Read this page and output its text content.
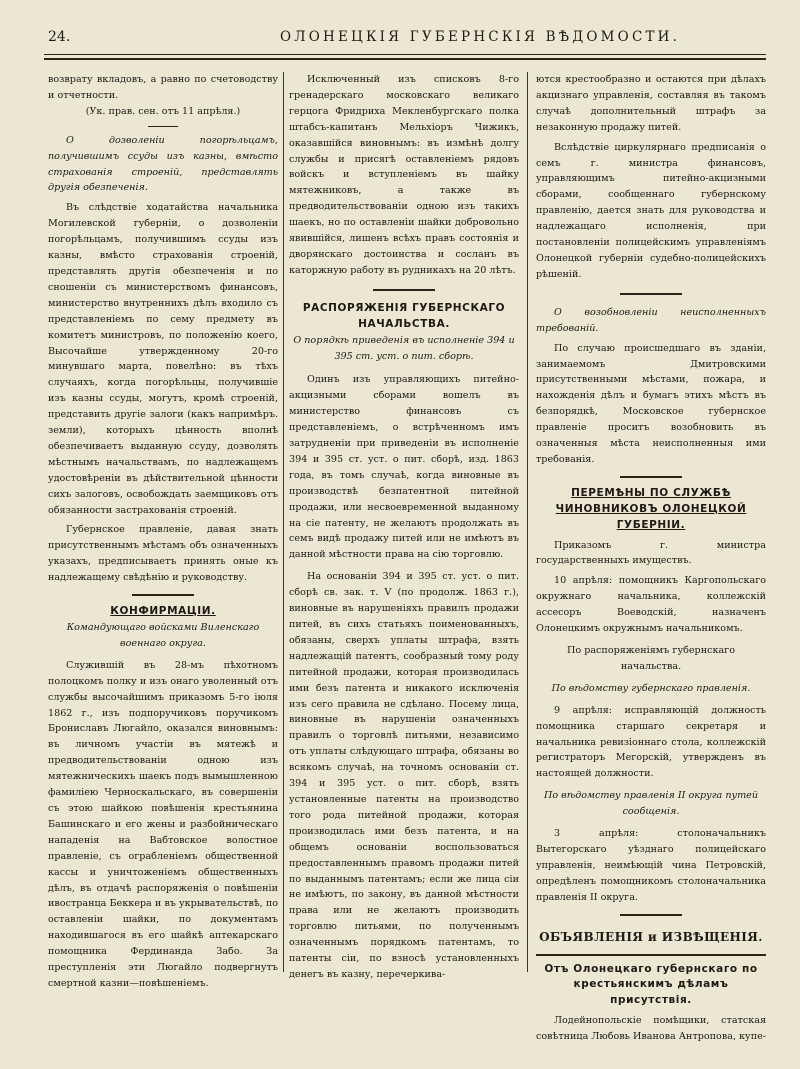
24.	ОЛОНЕЦКІЯ ГУБЕРНСКІЯ ВѢДОМОСТИ.

возврату вкладовъ, а равно по счетоводству и отчетности.

(Ук. прав. сен. отъ 11 апрѣля.)

О дозволеніи погорѣльцамъ, получившимъ ссуды изъ казны, вмѣсто страхованія строеній, представлять другія обезпеченія.

Въ слѣдствіе ходатайства начальника Могилевской губерніи, о дозволеніи погорѣльцамъ, получившимъ ссуды изъ казны, вмѣсто страхованія строеній, представлять другія обезпеченія и по сношеніи съ министерствомъ финансовъ, министерство внутреннихъ дѣлъ входило съ представленіемъ по сему предмету въ комитетъ министровъ, по положенію коего, Высочайше утвержденному 20-го минувшаго марта, повелѣно: въ тѣхъ случаяхъ, когда погорѣльцы, получившіе изъ казны ссуды, могутъ, кромѣ строеній, представить другіе залоги (какъ напримѣръ. земли), которыхъ цѣнность вполнѣ обезпечиваетъ выданную ссуду, дозволять мѣстнымъ начальствамъ, по надлежащемъ удостовѣреніи въ дѣйствительной цѣнности сихъ залоговъ, освобождать заемщиковъ отъ обязанности застрахованія строеній.

Губернское правленіе, давая знать присутственнымъ мѣстамъ объ означенныхъ указахъ, предписываетъ принять оные къ надлежащему свѣдѣнію и руководству.

КОНФИРМАЦІИ.

Командующаго войсками Виленскаго военнаго округа.

Служившій въ 28-мъ пѣхотномъ полоцкомъ полку и изъ онаго уволенный отъ службы высочайшимъ приказомъ 5-го іюля 1862 г., изъ подпоручиковъ поручикомъ Брониславъ Люгайло, оказался виновнымъ: въ личномъ участіи въ мятежѣ и предводительствованіи одною изъ мятежническихъ шаекъ подъ вымышленною фамиліею Черноскальскаго, въ совершеніи съ этою шайкою повѣшенія крестьянина Башинскаго и его жены и разбойническаго нападенія на Вабтовское волостное правленіе, съ ограбленіемъ общественной кассы и уничтоженіемъ общественныхъ дѣлъ, въ отдачѣ распоряженія о повѣшеніи ивостранца Беккера и въ укрывательствѣ, по оставленіи шайки, по документамъ находившагося въ его шайкѣ аптекарскаго помощника Фердинанда Забо. За преступленія эти Люгайло подвергнутъ смертной казни—повѣшеніемъ.

Исключенный изъ списковъ 8-го гренадерскаго московскаго великаго герцога Фридриха Мекленбургскаго полка штабсъ-капитанъ Мельхіоръ Чижикъ, оказавшійся виновнымъ: въ измѣнѣ долгу службы и присягѣ оставленіемъ рядовъ войскъ и вступленіемъ въ шайку мятежниковъ, а также въ предводительствованіи одною изъ такихъ шаекъ, но по оставленіи шайки добровольно явившійся, лишенъ всѣхъ правъ состоянія и дворянскаго достоинства и сосланъ въ каторжную работу въ рудникахъ на 20 лѣтъ.

РАСПОРЯЖЕНІЯ ГУБЕРНСКАГО НАЧАЛЬСТВА.

О порядкѣ приведенія въ исполненіе 394 и 395 ст. уст. о пит. сборѣ.

Одинъ изъ управляющихъ питейно-акцизными сборами вошелъ въ министерство финансовъ съ представленіемъ, о встрѣченномъ имъ затрудненіи при приведеніи въ исполненіе 394 и 395 ст. уст. о пит. сборѣ, изд. 1863 года, въ томъ случаѣ, когда виновные въ производствѣ безпатентной питейной продажи, или несвоевременной выданному на сіе патенту, не желаютъ продолжать въ семъ видѣ продажу питей или не имѣютъ въ данной мѣстности права на сію торговлю.

На основаніи 394 и 395 ст. уст. о пит. сборѣ св. зак. т. V (по продолж. 1863 г.), виновные въ нарушеніяхъ правилъ продажи питей, въ сихъ статьяхъ поименованныхъ, обязаны, сверхъ уплаты штрафа, взять надлежащій патентъ, сообразный тому роду питейной продажи, которая производилась ими безъ патента и никакого исключенія изъ сего правила не сдѣлано. Посему лица, виновные въ нарушеніи означенныхъ правилъ о торговлѣ питьями, независимо отъ уплаты слѣдующаго штрафа, обязаны во всякомъ случаѣ, на точномъ основаніи ст. 394 и 395 уст. о пит. сборѣ, взять установленные патенты на производство того рода питейной продажи, которая производилась ими безъ патента, и на общемъ основаніи воспользоваться предоставленнымъ правомъ продажи питей по выданнымъ патентамъ; если же лица сіи не имѣютъ, по закону, въ данной мѣстности права или не желаютъ производить торговлю питьями, по полученнымъ означеннымъ порядкомъ патентамъ, то патенты сіи, по взносѣ установленныхъ денегъ въ казну, перечеркива-

ются крестообразно и остаются при дѣлахъ акцизнаго управленія, составляя въ такомъ случаѣ дополнительный штрафъ за незаконную продажу питей.

Вслѣдствіе циркулярнаго предписанія о семъ г. министра финансовъ, управляющимъ питейно-акцизными сборами, сообщеннаго губернскому правленію, дается знать для руководства и надлежащаго исполненія, при постановленіи полицейскимъ управленіямъ Олонецкой губерніи судебно-полицейскихъ рѣшеній.

О возобновленіи неисполненныхъ требованій.

По случаю происшедшаго въ зданіи, занимаемомъ Дмитровскими присутственными мѣстами, пожара, и нахожденія дѣлъ и бумагъ этихъ мѣстъ въ безпорядкѣ, Московское губернское правленіе проситъ возобновить въ означенныя мѣста неисполненныя ими требованія.

ПЕРЕМѢНЫ ПО СЛУЖБѢ ЧИНОВНИКОВЪ ОЛОНЕЦКОЙ ГУБЕРНІИ.

Приказомъ г. министра государственныхъ имуществъ.

10 апрѣля: помощникъ Каргопольскаго окружнаго начальника, коллежскій ассесоръ Воеводскій, назначенъ Олонецкимъ окружнымъ начальникомъ.

По распоряженіямъ губернскаго начальства.

По вѣдомству губернскаго правленія.

9 апрѣля: исправляющій должность помощника старшаго секретаря и начальника ревизіоннаго стола, коллежскій регистраторъ Мегорскій, утвержденъ въ настоящей должности.

По вѣдомству правленія II округа путей сообщенія.

3 апрѣля: столоначальникъ Вытегорскаго уѣзднаго полицейскаго управленія, неимѣющій чина Петровскій, опредѣленъ помощникомъ столоначальника правленія II округа.

ОБЪЯВЛЕНІЯ и ИЗВѢЩЕНІЯ.

Отъ Олонецкаго губернскаго по крестьянскимъ дѣламъ присутствія.

Лодейнопольскіе помѣщики, статская совѣтница Любовь Иванова Антропова, купе-
